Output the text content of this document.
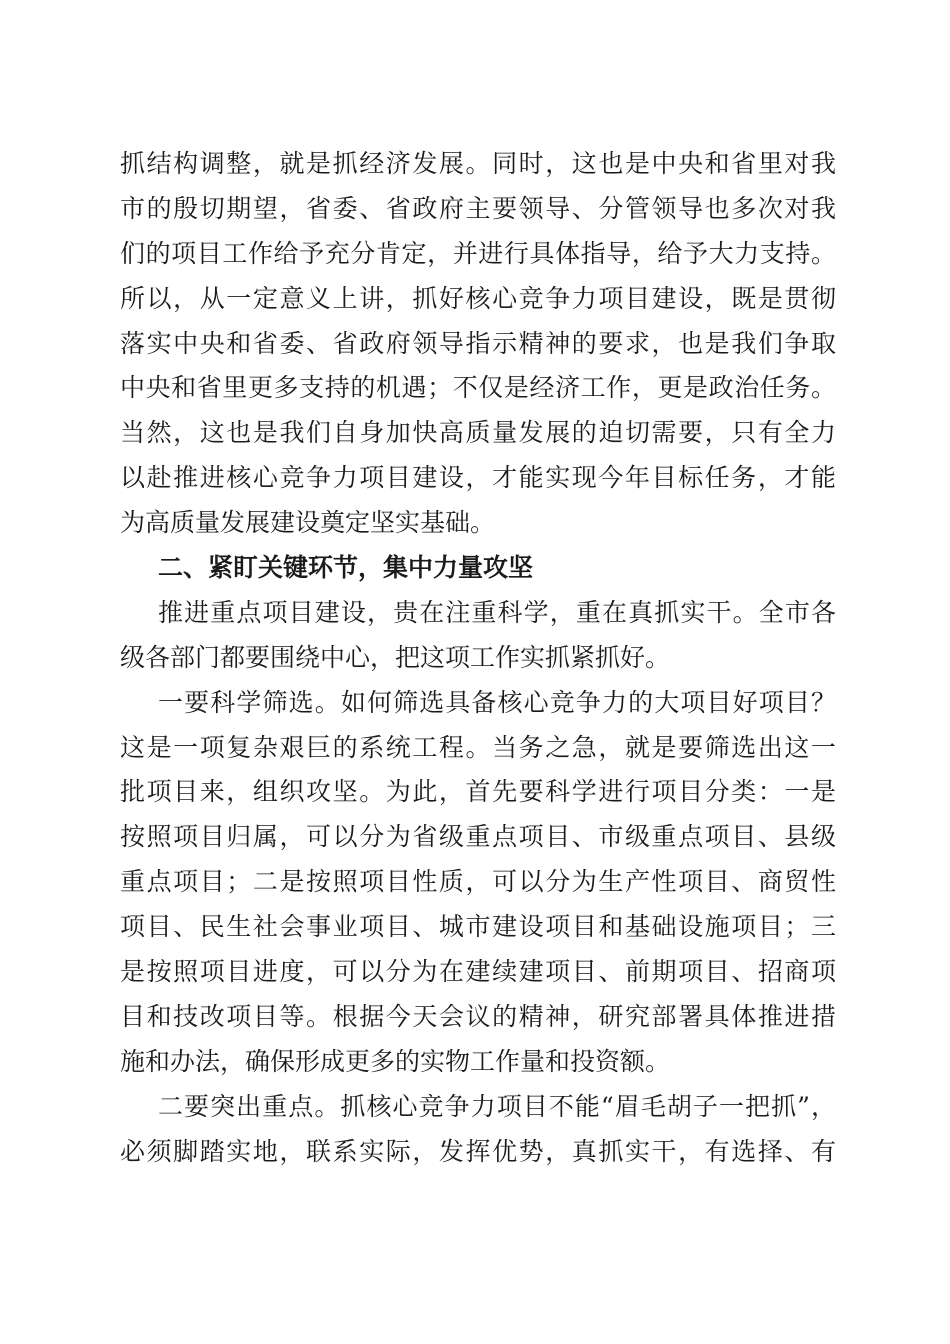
抓结构调整，就是抓经济发展。同时，这也是中央和省里对我
市的殷切期望，省委、省政府主要领导、分管领导也多次对我
们的项目工作给予充分肯定，并进行具体指导，给予大力支持。
所以，从一定意义上讲，抓好核心竞争力项目建设，既是贯彻
落实中央和省委、省政府领导指示精神的要求，也是我们争取
中央和省里更多支持的机遇；不仅是经济工作，更是政治任务。
当然，这也是我们自身加快高质量发展的迫切需要，只有全力
以赴推进核心竞争力项目建设，才能实现今年目标任务，才能
为高质量发展建设奠定坚实基础。
二、紧盯关键环节，集中力量攻坚
推进重点项目建设，贵在注重科学，重在真抓实干。全市各
级各部门都要围绕中心，把这项工作实抓紧抓好。
一要科学筛选。如何筛选具备核心竞争力的大项目好项目？
这是一项复杂艰巨的系统工程。当务之急，就是要筛选出这一
批项目来，组织攻坚。为此，首先要科学进行项目分类：一是
按照项目归属，可以分为省级重点项目、市级重点项目、县级
重点项目；二是按照项目性质，可以分为生产性项目、商贸性
项目、民生社会事业项目、城市建设项目和基础设施项目；三
是按照项目进度，可以分为在建续建项目、前期项目、招商项
目和技改项目等。根据今天会议的精神，研究部署具体推进措
施和办法，确保形成更多的实物工作量和投资额。
二要突出重点。抓核心竞争力项目不能“眉毛胡子一把抓”，
必须脚踏实地，联系实际，发挥优势，真抓实干，有选择、有
